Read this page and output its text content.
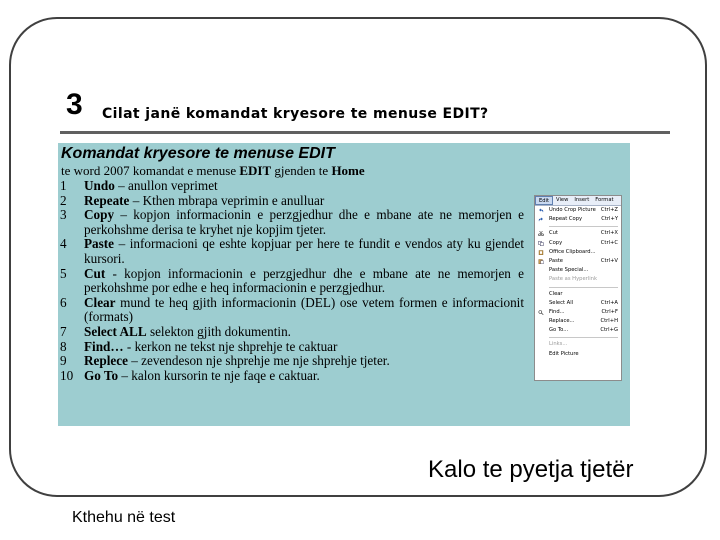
3 Cilat janë komandat kryesore te menuse EDIT?
Komandat kryesore te menuse EDIT
te word 2007 komandat e menuse EDIT gjenden te Home
1	Undo – anullon veprimet
2	Repeate – Kthen mbrapa veprimin e anulluar
3	Copy – kopjon informacionin e perzgjedhur dhe e mbane ate ne memorjen e perkohshme derisa te kryhet nje kopjim tjeter.
4	Paste – informacioni qe eshte kopjuar per here te fundit e vendos aty ku gjendet kursori.
5	Cut - kopjon informacionin e perzgjedhur dhe e mbane ate ne memorjen e perkohshme por edhe e heq informacionin e perzgjedhur.
6	Clear mund te heq gjith informacionin (DEL) ose vetem formen e informacionit (formats)
7	Select ALL selekton gjith dokumentin.
8	Find… - kerkon ne tekst nje shprehje te caktuar
9	Replece – zevendeson nje shprehje me nje shprehje tjeter.
10 Go To – kalon kursorin te nje faqe e caktuar.
Edit	View	Insert	Format
Undo Crop Picture Ctrl+Z
Repeat Copy	Ctrl+Y
Cut	Ctrl+X
Copy	Ctrl+C
Office Clipboard...
Paste	Ctrl+V
Paste Special...
Paste as Hyperlink
Clear
Select All	Ctrl+A
Find...	Ctrl+F
Replace...	Ctrl+H
Go To...	Ctrl+G
Links...
Edit Picture
Kalo te pyetja tjetër
Kthehu në test
